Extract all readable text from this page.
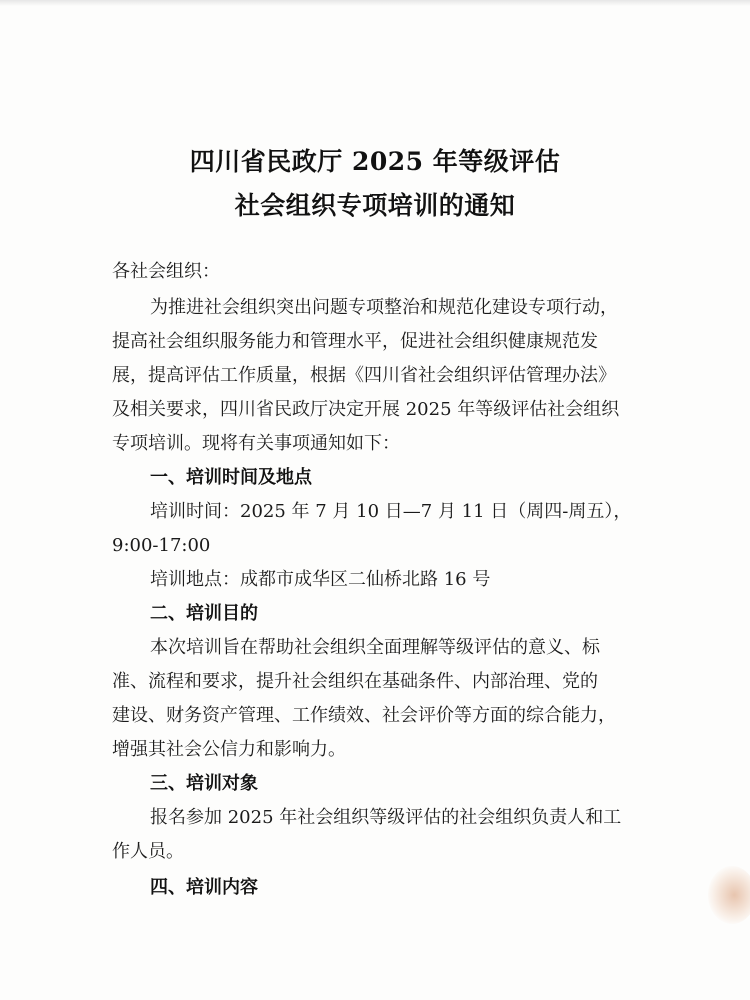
四川省民政厅 2025 年等级评估
社会组织专项培训的通知
各社会组织：
为推进社会组织突出问题专项整治和规范化建设专项行动，
提高社会组织服务能力和管理水平，促进社会组织健康规范发
展，提高评估工作质量，根据《四川省社会组织评估管理办法》
及相关要求，四川省民政厅决定开展 2025 年等级评估社会组织
专项培训。现将有关事项通知如下：
一、培训时间及地点
培训时间：2025 年 7 月 10 日—7 月 11 日（周四-周五），
9:00-17:00
培训地点：成都市成华区二仙桥北路 16 号
二、培训目的
本次培训旨在帮助社会组织全面理解等级评估的意义、标
准、流程和要求，提升社会组织在基础条件、内部治理、党的
建设、财务资产管理、工作绩效、社会评价等方面的综合能力，
增强其社会公信力和影响力。
三、培训对象
报名参加 2025 年社会组织等级评估的社会组织负责人和工
作人员。
四、培训内容
